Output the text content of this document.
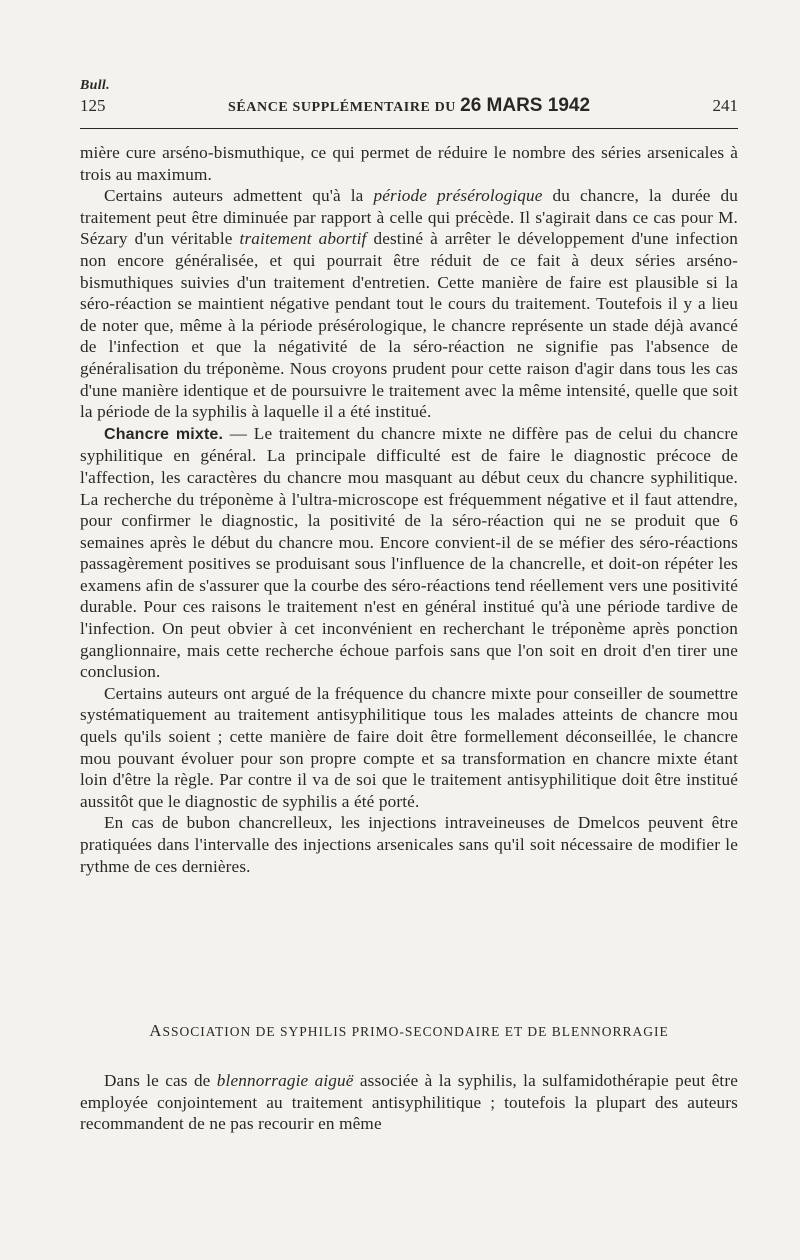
Bull.
125	SÉANCE SUPPLÉMENTAIRE DU 26 MARS 1942	241

mière cure arséno-bismuthique, ce qui permet de réduire le nombre des séries arsenicales à trois au maximum.

Certains auteurs admettent qu'à la période présérologique du chancre, la durée du traitement peut être diminuée par rapport à celle qui précède. Il s'agirait dans ce cas pour M. Sézary d'un véritable traitement abortif destiné à arrêter le développement d'une infection non encore généralisée, et qui pourrait être réduit de ce fait à deux séries arséno-bismuthiques suivies d'un traitement d'entretien. Cette manière de faire est plausible si la séro-réaction se maintient négative pendant tout le cours du traitement. Toutefois il y a lieu de noter que, même à la période présérologique, le chancre représente un stade déjà avancé de l'infection et que la négativité de la séro-réaction ne signifie pas l'absence de généralisation du tréponème. Nous croyons prudent pour cette raison d'agir dans tous les cas d'une manière identique et de poursuivre le traitement avec la même intensité, quelle que soit la période de la syphilis à laquelle il a été institué.

Chancre mixte. — Le traitement du chancre mixte ne diffère pas de celui du chancre syphilitique en général. La principale difficulté est de faire le diagnostic précoce de l'affection, les caractères du chancre mou masquant au début ceux du chancre syphilitique. La recherche du tréponème à l'ultra-microscope est fréquemment négative et il faut attendre, pour confirmer le diagnostic, la positivité de la séro-réaction qui ne se produit que 6 semaines après le début du chancre mou. Encore convient-il de se méfier des séro-réactions passagèrement positives se produisant sous l'influence de la chancrelle, et doit-on répéter les examens afin de s'assurer que la courbe des séro-réactions tend réellement vers une positivité durable. Pour ces raisons le traitement n'est en général institué qu'à une période tardive de l'infection. On peut obvier à cet inconvénient en recherchant le tréponème après ponction ganglionnaire, mais cette recherche échoue parfois sans que l'on soit en droit d'en tirer une conclusion.

Certains auteurs ont argué de la fréquence du chancre mixte pour conseiller de soumettre systématiquement au traitement antisyphilitique tous les malades atteints de chancre mou quels qu'ils soient ; cette manière de faire doit être formellement déconseillée, le chancre mou pouvant évoluer pour son propre compte et sa transformation en chancre mixte étant loin d'être la règle. Par contre il va de soi que le traitement antisyphilitique doit être institué aussitôt que le diagnostic de syphilis a été porté.

En cas de bubon chancrelleux, les injections intraveineuses de Dmelcos peuvent être pratiquées dans l'intervalle des injections arsenicales sans qu'il soit nécessaire de modifier le rythme de ces dernières.

ASSOCIATION DE SYPHILIS PRIMO-SECONDAIRE ET DE BLENNORRAGIE

Dans le cas de blennorragie aiguë associée à la syphilis, la sulfamidothérapie peut être employée conjointement au traitement antisyphilitique ; toutefois la plupart des auteurs recommandent de ne pas recourir en même
